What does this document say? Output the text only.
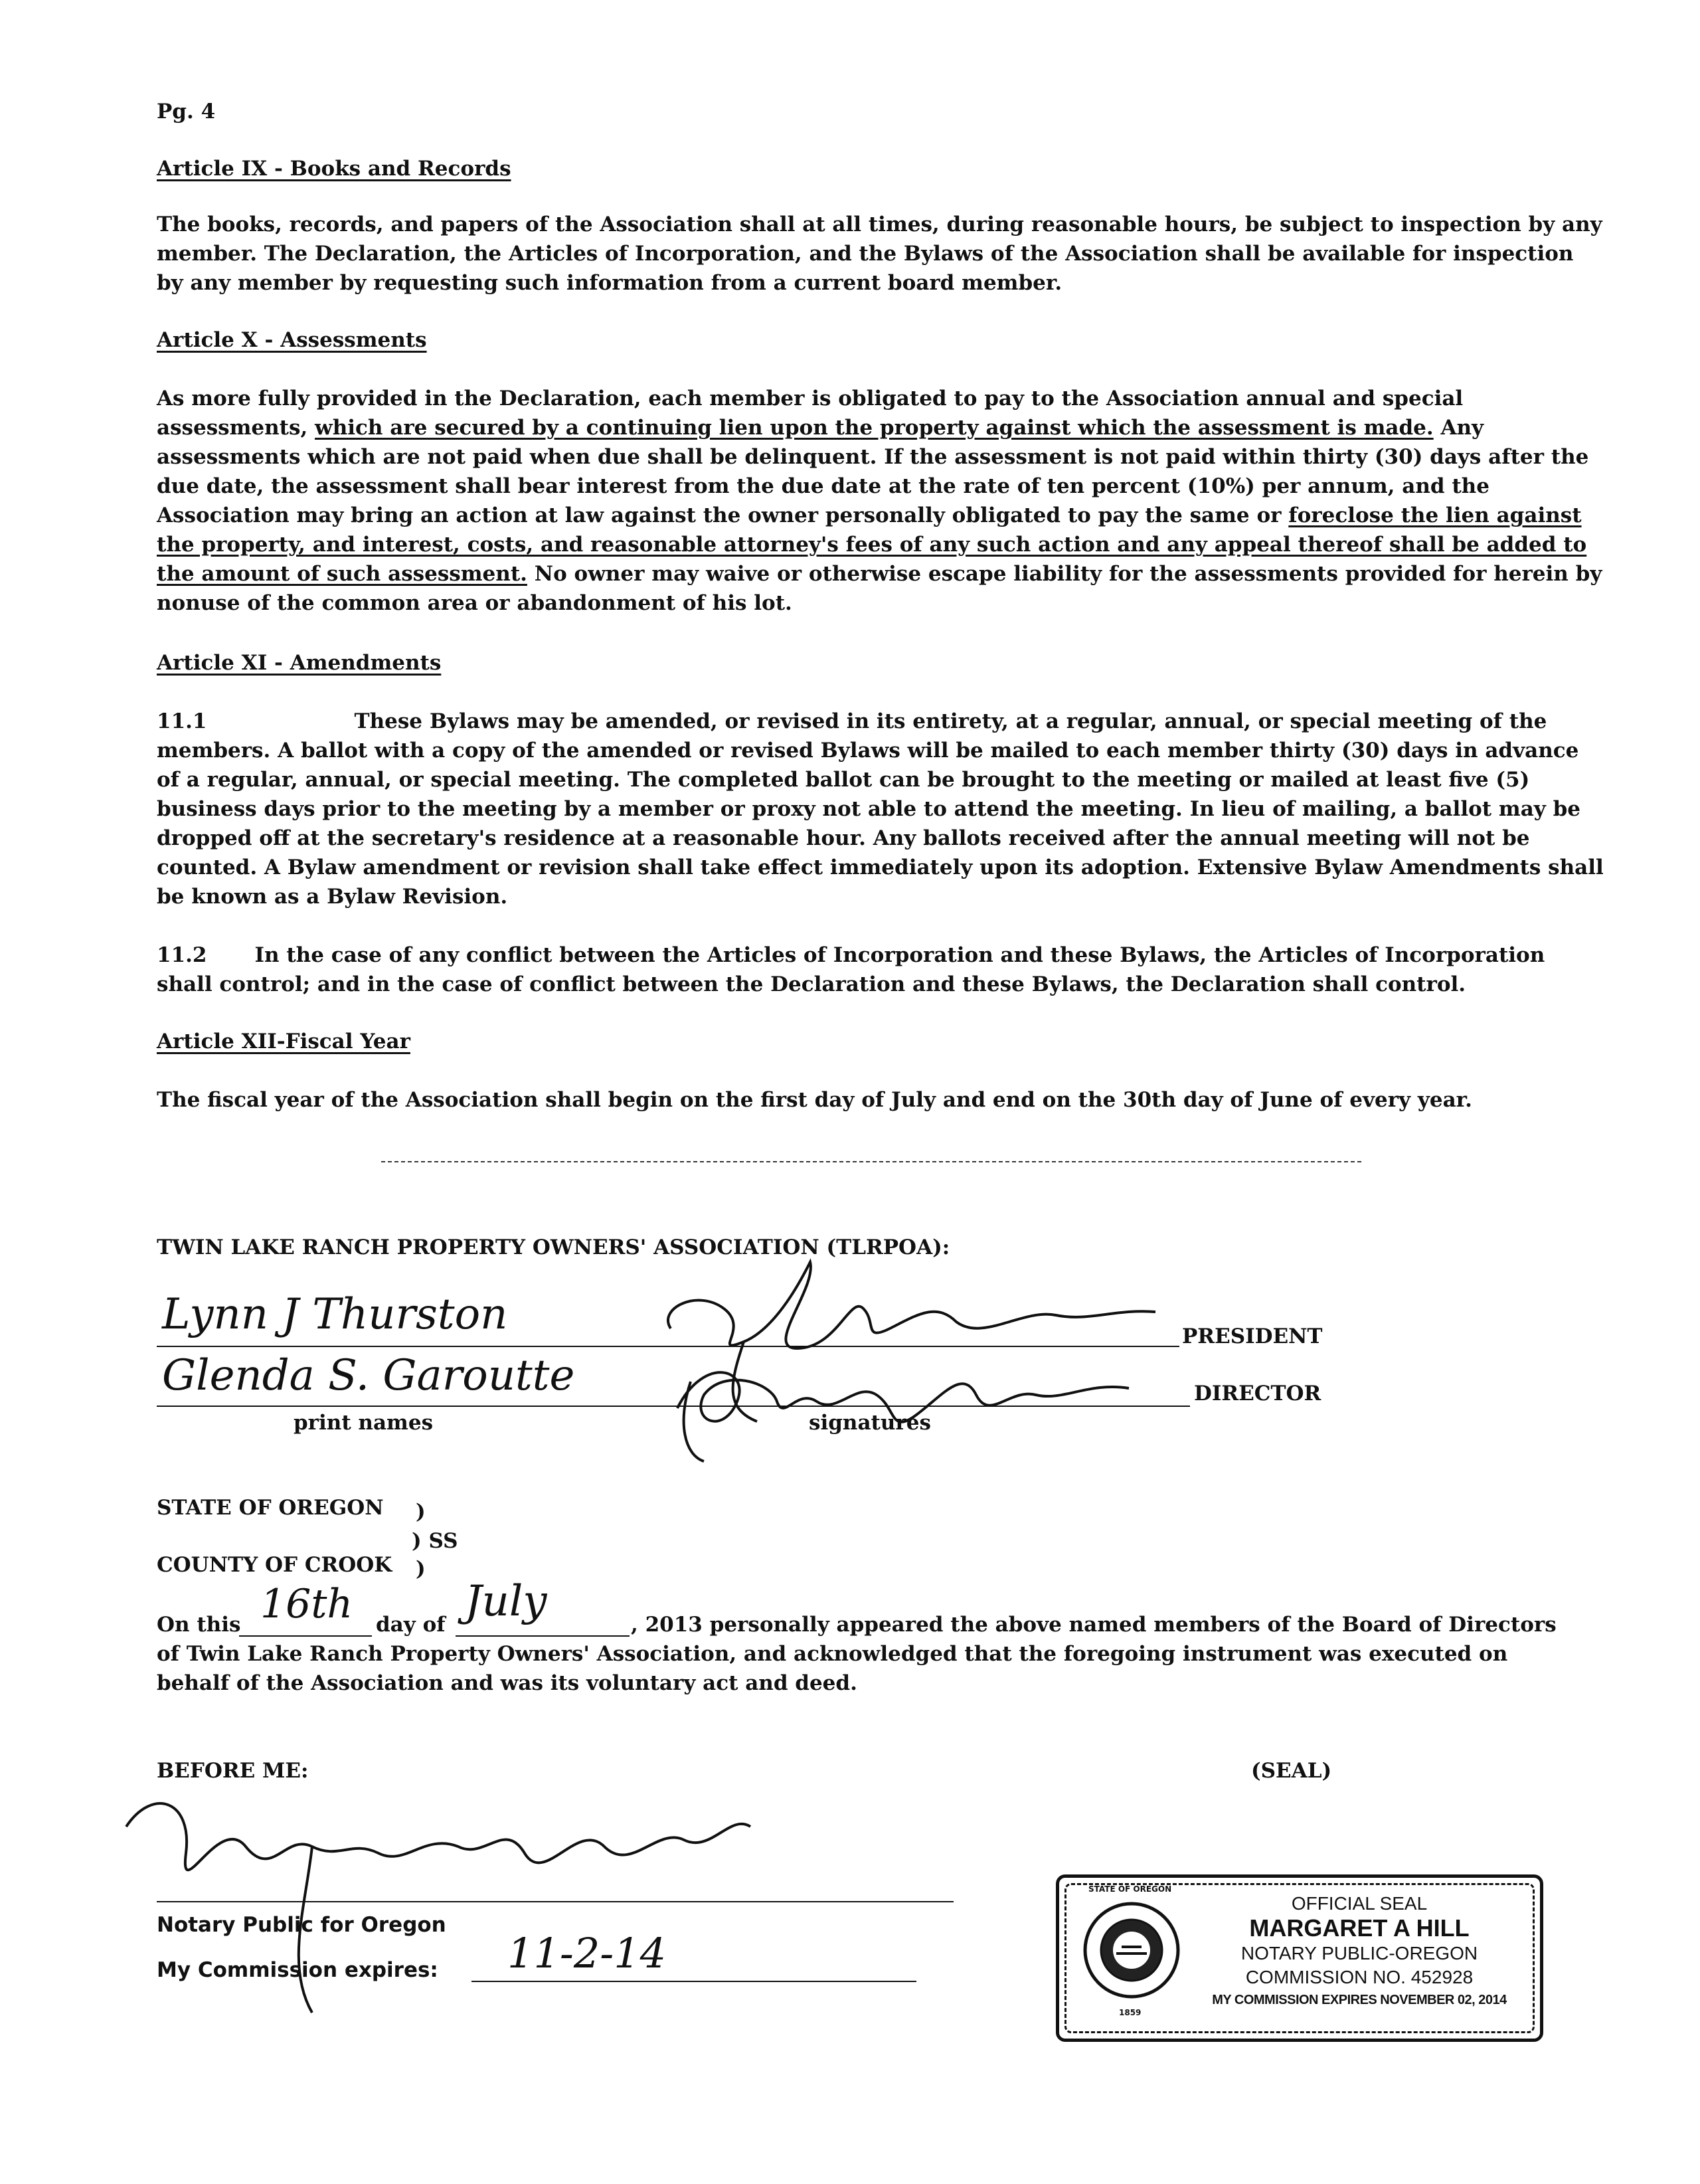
Pg. 4

Article IX - Books and Records

The books, records, and papers of the Association shall at all times, during reasonable hours, be subject to inspection by any member. The Declaration, the Articles of Incorporation, and the Bylaws of the Association shall be available for inspection by any member by requesting such information from a current board member.

Article X - Assessments

As more fully provided in the Declaration, each member is obligated to pay to the Association annual and special assessments, which are secured by a continuing lien upon the property against which the assessment is made. Any assessments which are not paid when due shall be delinquent. If the assessment is not paid within thirty (30) days after the due date, the assessment shall bear interest from the due date at the rate of ten percent (10%) per annum, and the Association may bring an action at law against the owner personally obligated to pay the same or foreclose the lien against the property, and interest, costs, and reasonable attorney's fees of any such action and any appeal thereof shall be added to the amount of such assessment. No owner may waive or otherwise escape liability for the assessments provided for herein by nonuse of the common area or abandonment of his lot.

Article XI - Amendments

11.1	These Bylaws may be amended, or revised in its entirety, at a regular, annual, or special meeting of the members. A ballot with a copy of the amended or revised Bylaws will be mailed to each member thirty (30) days in advance of a regular, annual, or special meeting. The completed ballot can be brought to the meeting or mailed at least five (5) business days prior to the meeting by a member or proxy not able to attend the meeting. In lieu of mailing, a ballot may be dropped off at the secretary's residence at a reasonable hour. Any ballots received after the annual meeting will not be counted. A Bylaw amendment or revision shall take effect immediately upon its adoption. Extensive Bylaw Amendments shall be known as a Bylaw Revision.

11.2 In the case of any conflict between the Articles of Incorporation and these Bylaws, the Articles of Incorporation shall control; and in the case of conflict between the Declaration and these Bylaws, the Declaration shall control.

Article XII-Fiscal Year

The fiscal year of the Association shall begin on the first day of July and end on the 30th day of June of every year.

TWIN LAKE RANCH PROPERTY OWNERS' ASSOCIATION (TLRPOA):

Lynn J Thurston	PRESIDENT

Glenda S. Garoutte	DIRECTOR

print names	signatures

STATE OF OREGON )

) SS

COUNTY OF CROOK )

On this 16th day of July	, 2013 personally appeared the above named members of the Board of Directors of Twin Lake Ranch Property Owners' Association, and acknowledged that the foregoing instrument was executed on behalf of the Association and was its voluntary act and deed.

BEFORE ME:	(SEAL)

Notary Public for Oregon

My Commission expires: 11-2-14

STATE OF OREGON

1859

OFFICIAL SEAL
MARGARET A HILL
NOTARY PUBLIC-OREGON
COMMISSION NO. 452928
MY COMMISSION EXPIRES NOVEMBER 02, 2014
